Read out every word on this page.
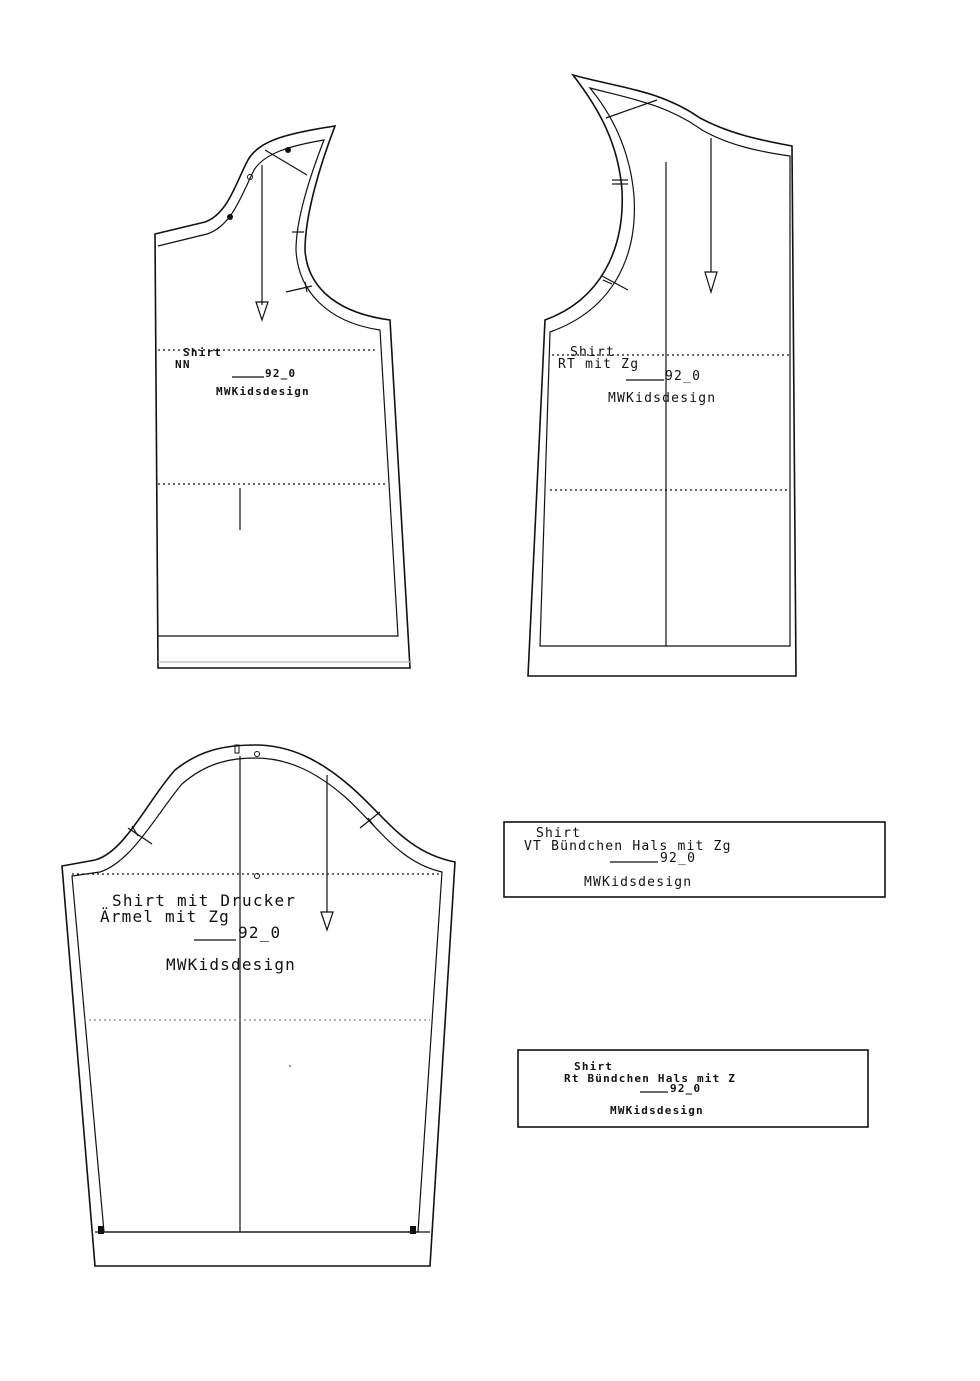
Shirt
NN
92_0
MWKidsdesign
Shirt
RT mit Zg
92_0
MWKidsdesign
Shirt mit Drucker
Ärmel mit Zg
92_0
MWKidsdesign
Shirt
VT Bündchen Hals mit Zg
92_0
MWKidsdesign
Shirt
Rt Bündchen Hals mit Z
92_0
MWKidsdesign
